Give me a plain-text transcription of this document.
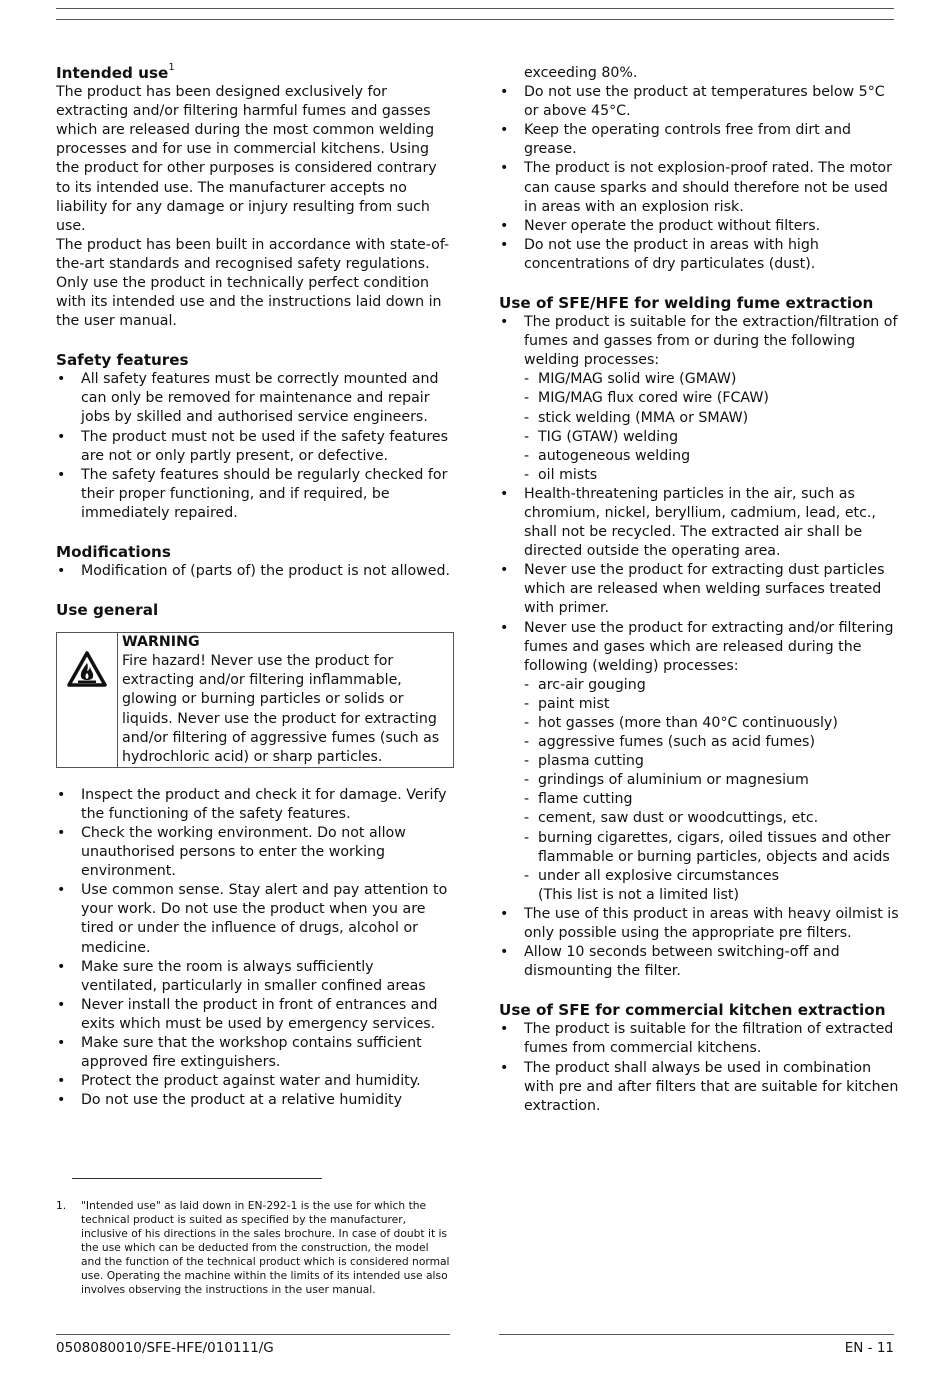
Intended use$^1$

The product has been designed exclusively for extracting and/or filtering harmful fumes and gasses which are released during the most common welding processes and for use in commercial kitchens. Using the product for other purposes is considered contrary to its intended use. The manufacturer accepts no liability for any damage or injury resulting from such use.

The product has been built in accordance with state-of-the-art standards and recognised safety regulations. Only use the product in technically perfect condition with its intended use and the instructions laid down in the user manual.

Safety features
• All safety features must be correctly mounted and can only be removed for maintenance and repair jobs by skilled and authorised service engineers.
• The product must not be used if the safety features are not or only partly present, or defective.
• The safety features should be regularly checked for their proper functioning, and if required, be immediately repaired.
Modifications
• Modification of (parts of) the product is not allowed.
Use general
WARNING

Fire hazard! Never use the product for extracting and/or filtering inflammable, glowing or burning particles or solids or liquids. Never use the product for extracting and/or filtering of aggressive fumes (such as hydrochloric acid) or sharp particles.

• Inspect the product and check it for damage. Verify the functioning of the safety features.
• Check the working environment. Do not allow unauthorised persons to enter the working environment.
• Use common sense. Stay alert and pay attention to your work. Do not use the product when you are tired or under the influence of drugs, alcohol or medicine.
• Make sure the room is always sufficiently ventilated, particularly in smaller confined areas
• Never install the product in front of entrances and exits which must be used by emergency services.
• Make sure that the workshop contains sufficient approved fire extinguishers.
• Protect the product against water and humidity.
• Do not use the product at a relative humidity

exceeding 80%.

• Do not use the product at temperatures below 5°C or above 45°C.
• Keep the operating controls free from dirt and grease.
• The product is not explosion-proof rated. The motor can cause sparks and should therefore not be used in areas with an explosion risk.
• Never operate the product without filters.
• Do not use the product in areas with high concentrations of dry particulates (dust).
Use of SFE/HFE for welding fume extraction
• The product is suitable for the extraction/filtration of fumes and gasses from or during the following welding processes:
- MIG/MAG solid wire (GMAW)
- MIG/MAG flux cored wire (FCAW)
- stick welding (MMA or SMAW)
- TIG (GTAW) welding
- autogeneous welding
- oil mists
• Health-threatening particles in the air, such as chromium, nickel, beryllium, cadmium, lead, etc., shall not be recycled. The extracted air shall be directed outside the operating area.
• Never use the product for extracting dust particles which are released when welding surfaces treated with primer.
• Never use the product for extracting and/or filtering fumes and gases which are released during the following (welding) processes:
- arc-air gouging
- paint mist
- hot gasses (more than 40°C continuously)
- aggressive fumes (such as acid fumes)
- plasma cutting
- grindings of aluminium or magnesium
- flame cutting
- cement, saw dust or woodcuttings, etc.
- burning cigarettes, cigars, oiled tissues and other flammable or burning particles, objects and acids
- under all explosive circumstances

(This list is not a limited list)

• The use of this product in areas with heavy oilmist is only possible using the appropriate pre filters.
• Allow 10 seconds between switching-off and dismounting the filter.
Use of SFE for commercial kitchen extraction
• The product is suitable for the filtration of extracted fumes from commercial kitchens.
• The product shall always be used in combination with pre and after filters that are suitable for kitchen extraction.
1.	"Intended use" as laid down in EN-292-1 is the use for which the technical product is suited as specified by the manufacturer, inclusive of his directions in the sales brochure. In case of doubt it is the use which can be deducted from the construction, the model and the function of the technical product which is considered normal use. Operating the machine within the limits of its intended use also involves observing the instructions in the user manual.

0508080010/SFE-HFE/010111/G	EN - 11
